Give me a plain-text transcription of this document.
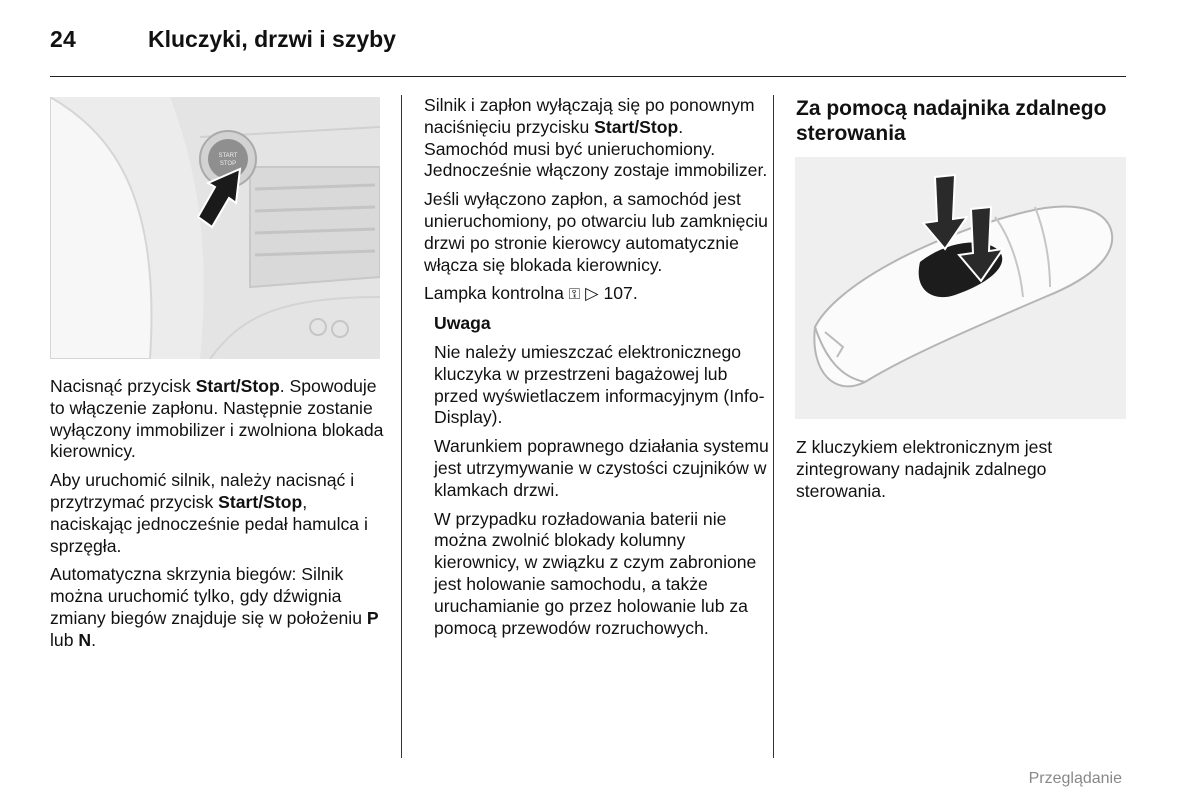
24	Kluczyki, drzwi i szyby
START
STOP

Nacisnąć przycisk Start/Stop. Spowoduje to włączenie zapłonu. Następnie zostanie wyłączony immobilizer i zwolniona blokada kierownicy.

Aby uruchomić silnik, należy nacisnąć i przytrzymać przycisk Start/Stop, naciskając jednocześnie pedał hamulca i sprzęgła.

Automatyczna skrzynia biegów: Silnik można uruchomić tylko, gdy dźwignia zmiany biegów znajduje się w położeniu P lub N.

Silnik i zapłon wyłączają się po ponownym naciśnięciu przycisku Start/Stop. Samochód musi być unieruchomiony. Jednocześnie włączony zostaje immobilizer.

Jeśli wyłączono zapłon, a samochód jest unieruchomiony, po otwarciu lub zamknięciu drzwi po stronie kierowcy automatycznie włącza się blokada kierownicy.

Lampka kontrolna ⚿ ▷ 107.

Uwaga

Nie należy umieszczać elektronicznego kluczyka w przestrzeni bagażowej lub przed wyświetlaczem informacyjnym (Info-Display).

Warunkiem poprawnego działania systemu jest utrzymywanie w czystości czujników w klamkach drzwi.

W przypadku rozładowania baterii nie można zwolnić blokady kolumny kierownicy, w związku z czym zabronione jest holowanie samochodu, a także uruchamianie go przez holowanie lub za pomocą przewodów rozruchowych.

Za pomocą nadajnika zdalnego sterowania

Z kluczykiem elektronicznym jest zintegrowany nadajnik zdalnego sterowania.

Przeglądanie
